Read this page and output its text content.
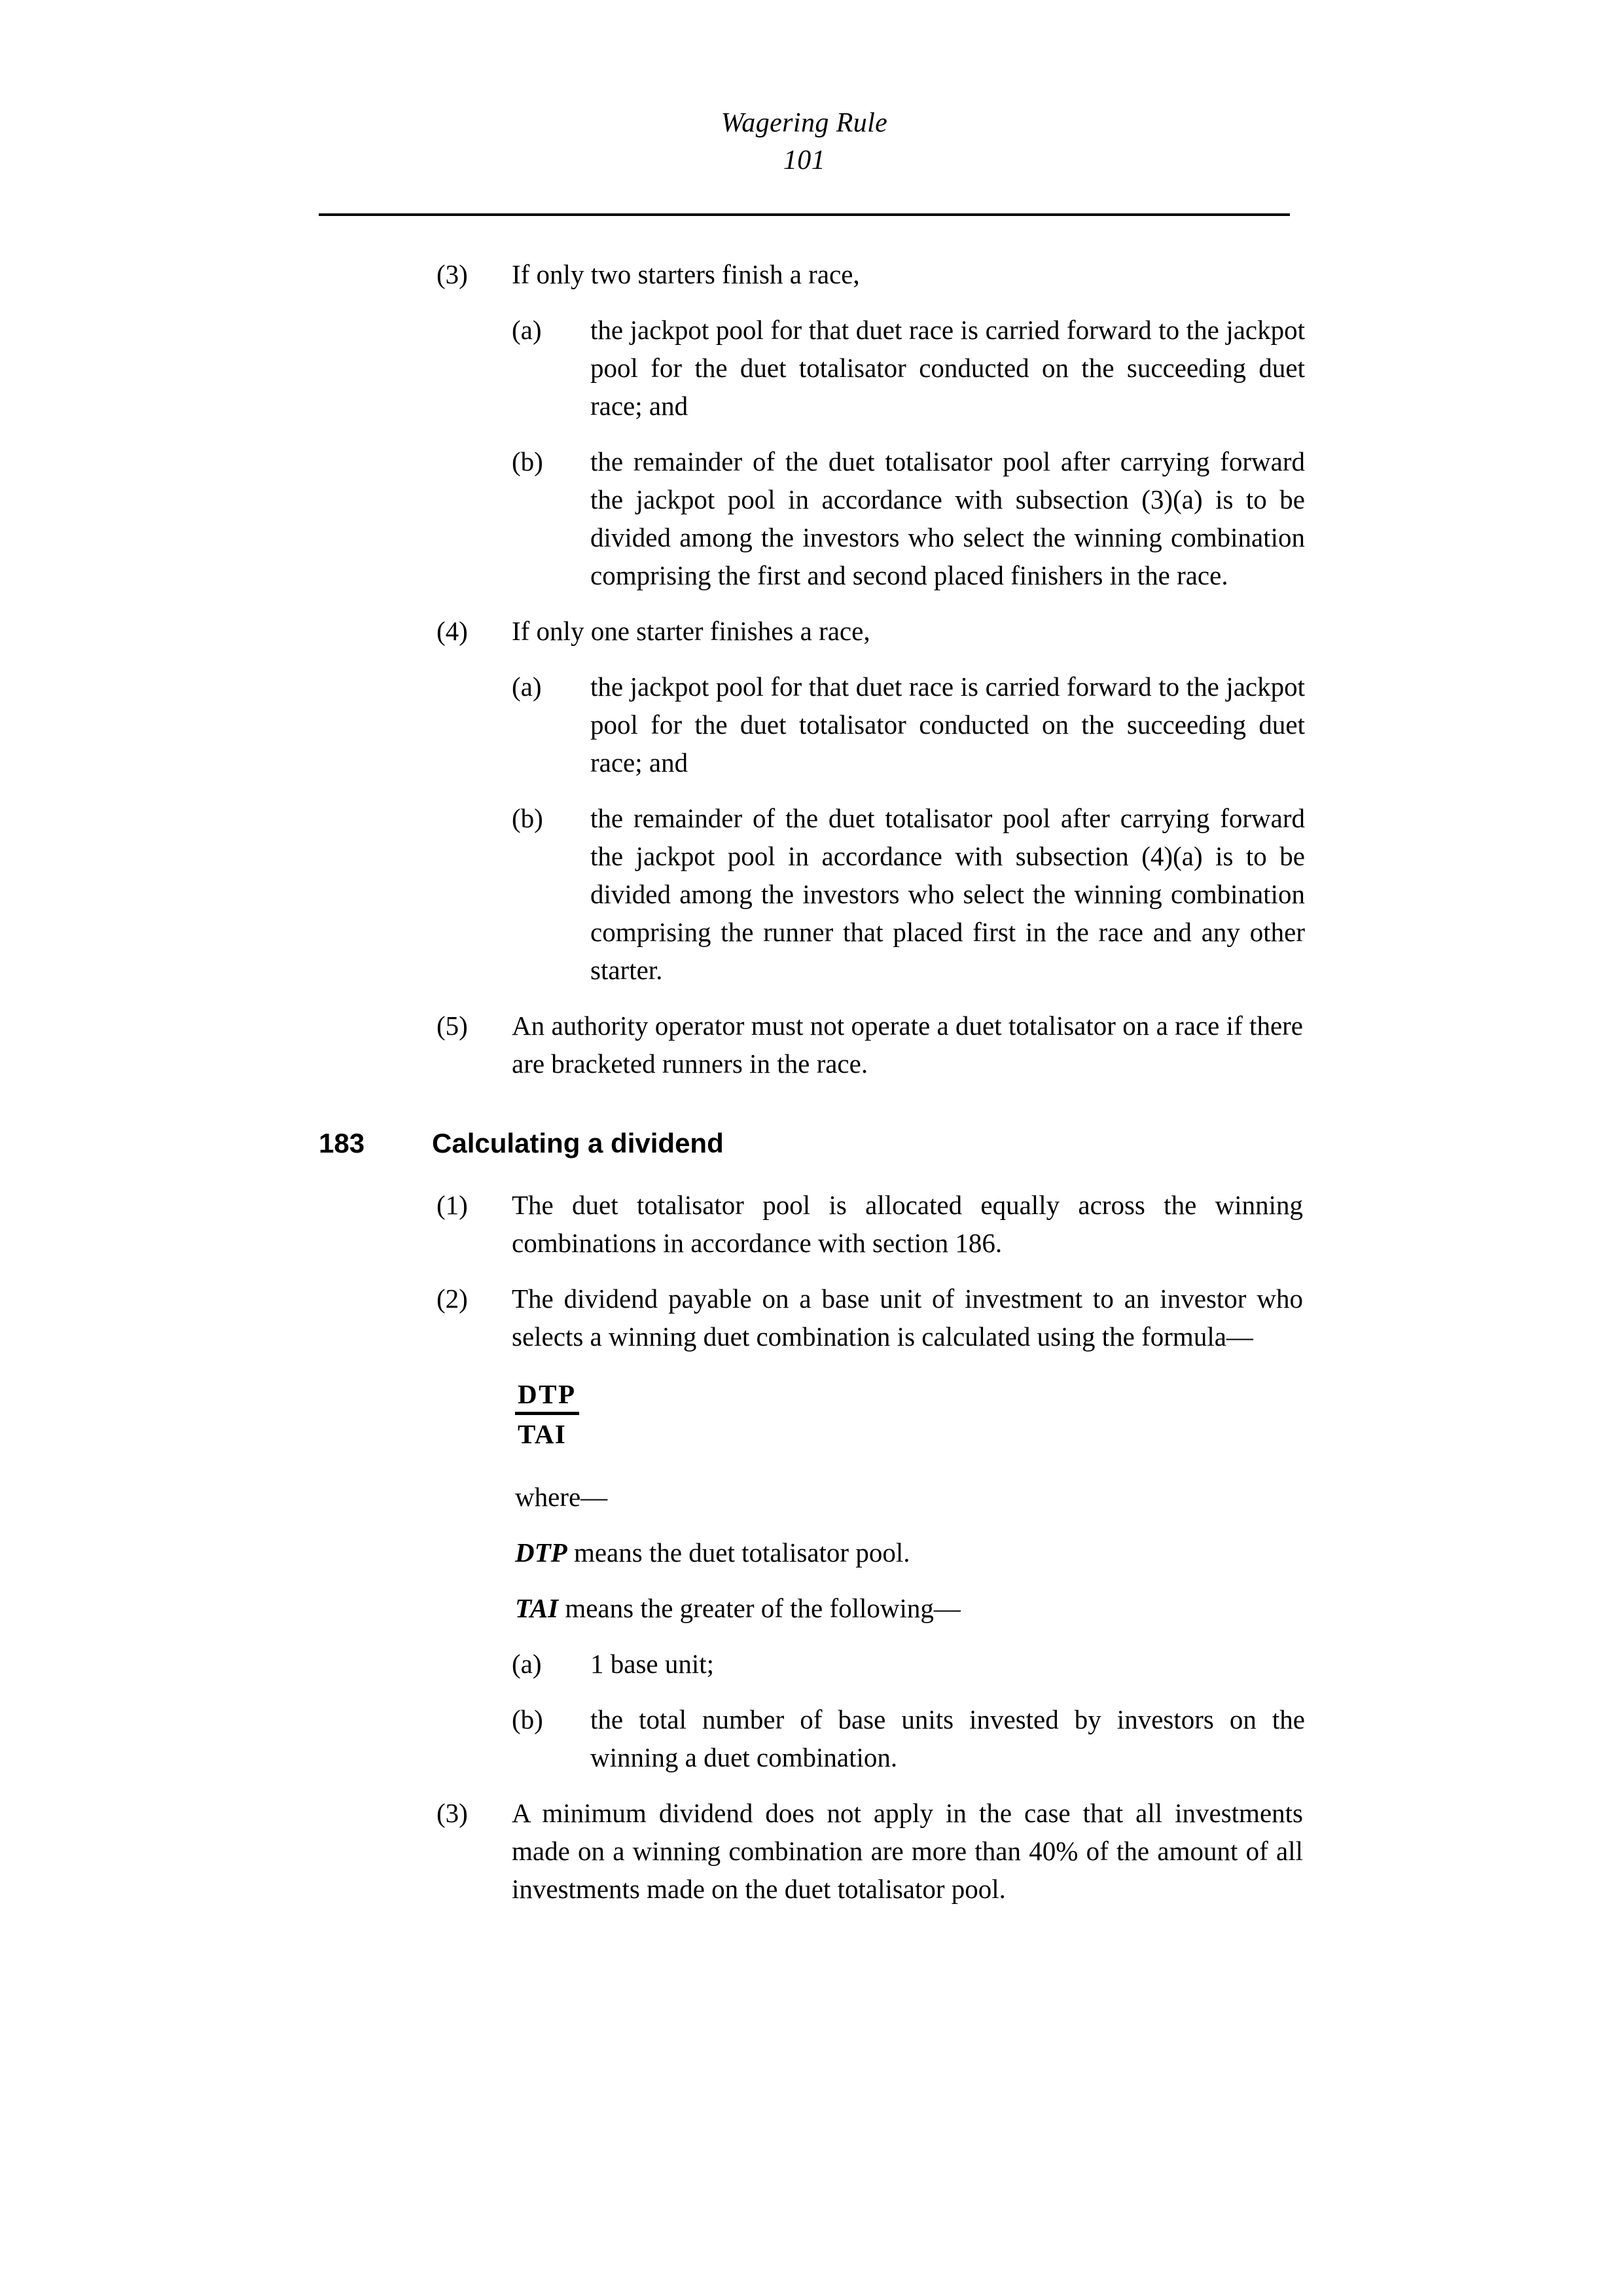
Wagering Rule
101
(3)	If only two starters finish a race,
(a)	the jackpot pool for that duet race is carried forward to the jackpot pool for the duet totalisator conducted on the succeeding duet race; and
(b)	the remainder of the duet totalisator pool after carrying forward the jackpot pool in accordance with subsection (3)(a) is to be divided among the investors who select the winning combination comprising the first and second placed finishers in the race.
(4)	If only one starter finishes a race,
(a)	the jackpot pool for that duet race is carried forward to the jackpot pool for the duet totalisator conducted on the succeeding duet race; and
(b)	the remainder of the duet totalisator pool after carrying forward the jackpot pool in accordance with subsection (4)(a) is to be divided among the investors who select the winning combination comprising the runner that placed first in the race and any other starter.
(5)	An authority operator must not operate a duet totalisator on a race if there are bracketed runners in the race.
183	Calculating a dividend
(1)	The duet totalisator pool is allocated equally across the winning combinations in accordance with section 186.
(2)	The dividend payable on a base unit of investment to an investor who selects a winning duet combination is calculated using the formula—
DTP
TAI
where—
DTP means the duet totalisator pool.
TAI means the greater of the following—
(a)	1 base unit;
(b)	the total number of base units invested by investors on the winning a duet combination.
(3)	A minimum dividend does not apply in the case that all investments made on a winning combination are more than 40% of the amount of all investments made on the duet totalisator pool.
